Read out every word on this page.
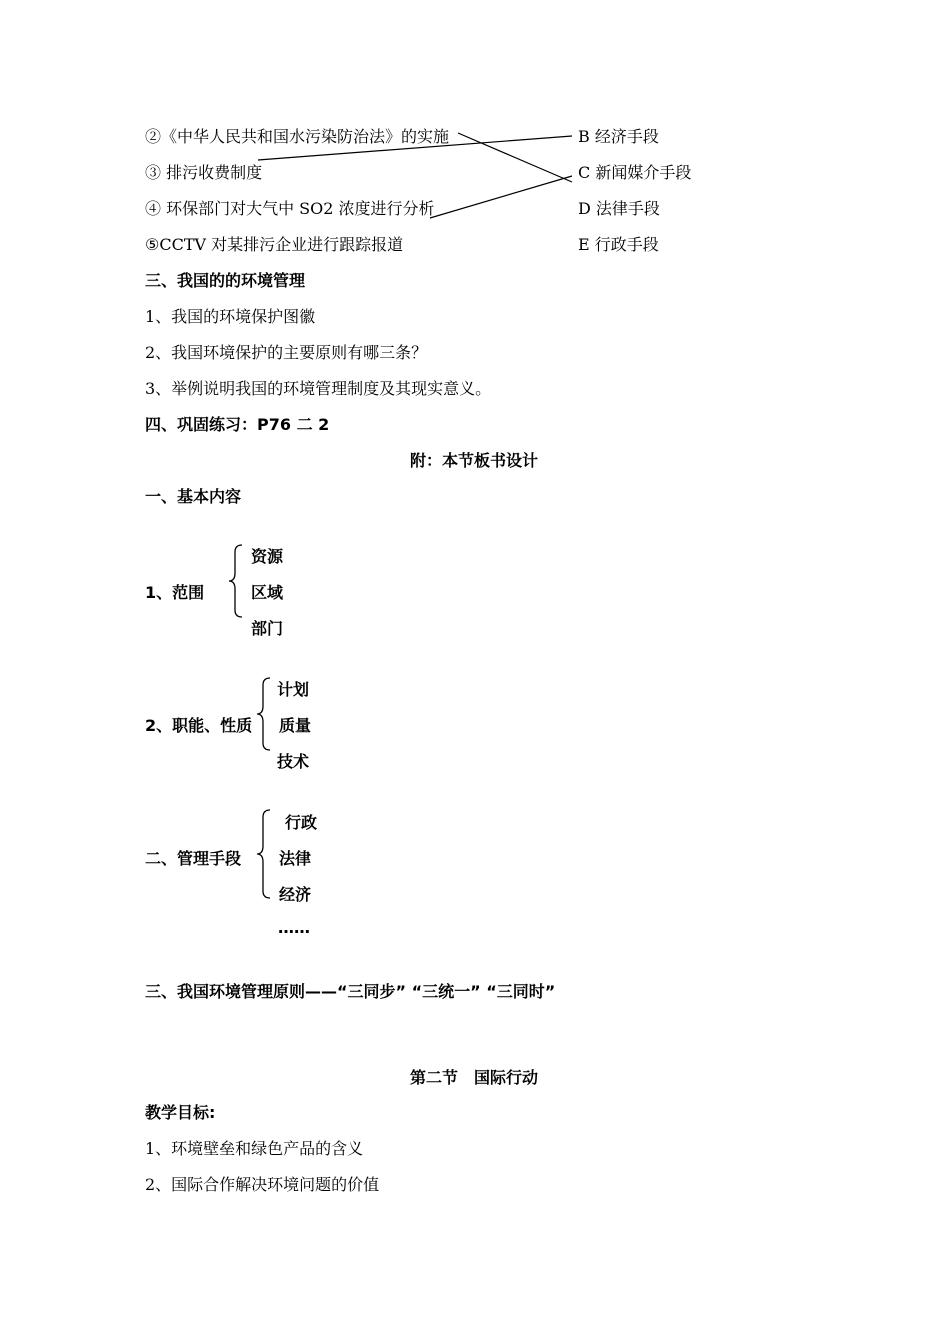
②《中华人民共和国水污染防治法》的实施
③ 排污收费制度
④ 环保部门对大气中 SO2 浓度进行分析
⑤CCTV 对某排污企业进行跟踪报道
B 经济手段
C 新闻媒介手段
D 法律手段
E 行政手段
三、我国的的环境管理
1、我国的环境保护图徽
2、我国环境保护的主要原则有哪三条？
3、举例说明我国的环境管理制度及其现实意义。
四、巩固练习：P76 二 2
附：本节板书设计
一、基本内容
1、范围
资源
区域
部门
2、职能、性质
计划
质量
技术
二、管理手段
行政
法律
经济
……
三、我国环境管理原则——“三同步” “三统一” “三同时”
第二节　国际行动
教学目标:
1、环境壁垒和绿色产品的含义
2、国际合作解决环境问题的价值
